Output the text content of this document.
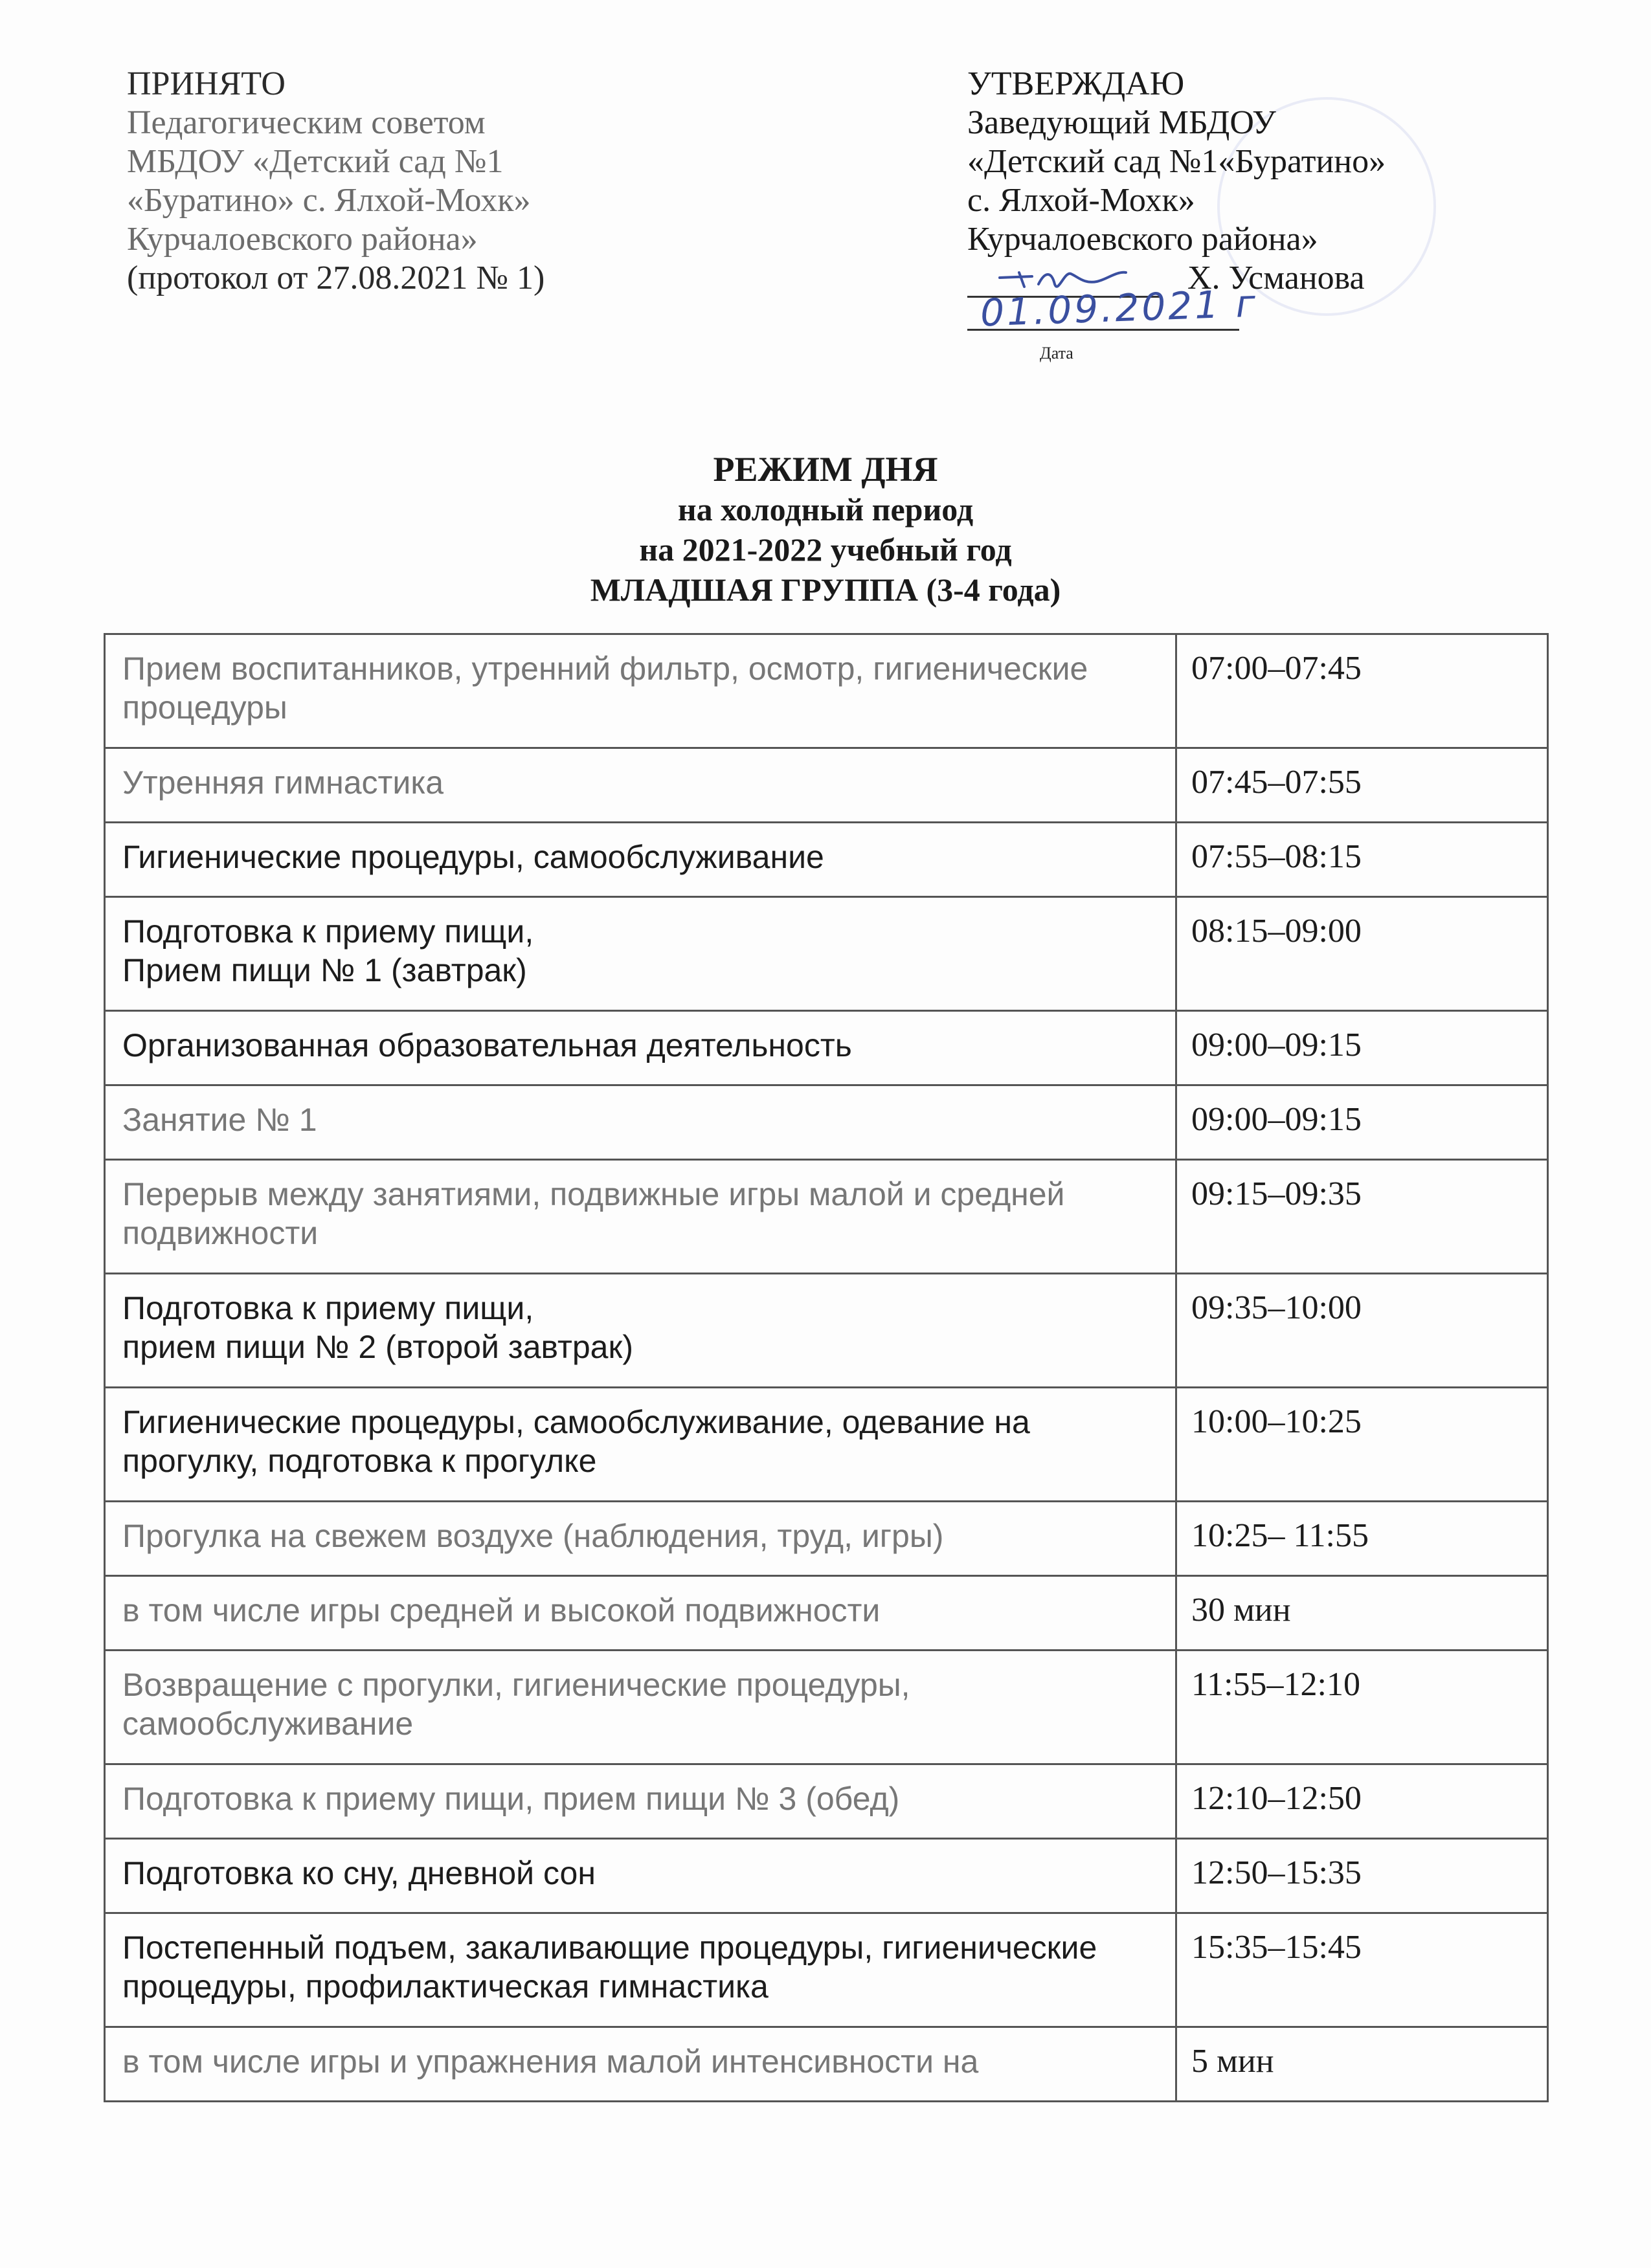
ПРИНЯТО
Педагогическим советом
МБДОУ «Детский сад №1
«Буратино» с. Ялхой-Мохк»
Курчалоевского района»
(протокол от 27.08.2021 № 1)
УТВЕРЖДАЮ
Заведующий МБДОУ
«Детский сад №1«Буратино»
с. Ялхой-Мохк»
Курчалоевского района»
Х. Усманова
01.09.2021 г
Дата
РЕЖИМ ДНЯ
на холодный период
на 2021-2022 учебный год
МЛАДШАЯ ГРУППА (3-4 года)
Прием воспитанников, утренний фильтр, осмотр, гигиенические процедуры	07:00–07:45
Утренняя гимнастика	07:45–07:55
Гигиенические процедуры, самообслуживание	07:55–08:15
Подготовка к приему пищи,
Прием пищи № 1 (завтрак)	08:15–09:00
Организованная образовательная деятельность	09:00–09:15
Занятие № 1	09:00–09:15
Перерыв между занятиями, подвижные игры малой и средней подвижности	09:15–09:35
Подготовка к приему пищи,
прием пищи № 2 (второй завтрак)	09:35–10:00
Гигиенические процедуры, самообслуживание, одевание на прогулку, подготовка к прогулке	10:00–10:25
Прогулка на свежем воздухе (наблюдения, труд, игры)	10:25– 11:55
в том числе игры средней и высокой подвижности	30 мин
Возвращение с прогулки, гигиенические процедуры, самообслуживание	11:55–12:10
Подготовка к приему пищи, прием пищи № 3 (обед)	12:10–12:50
Подготовка ко сну, дневной сон	12:50–15:35
Постепенный подъем, закаливающие процедуры, гигиенические процедуры, профилактическая гимнастика	15:35–15:45
в том числе игры и упражнения малой интенсивности на	5 мин
